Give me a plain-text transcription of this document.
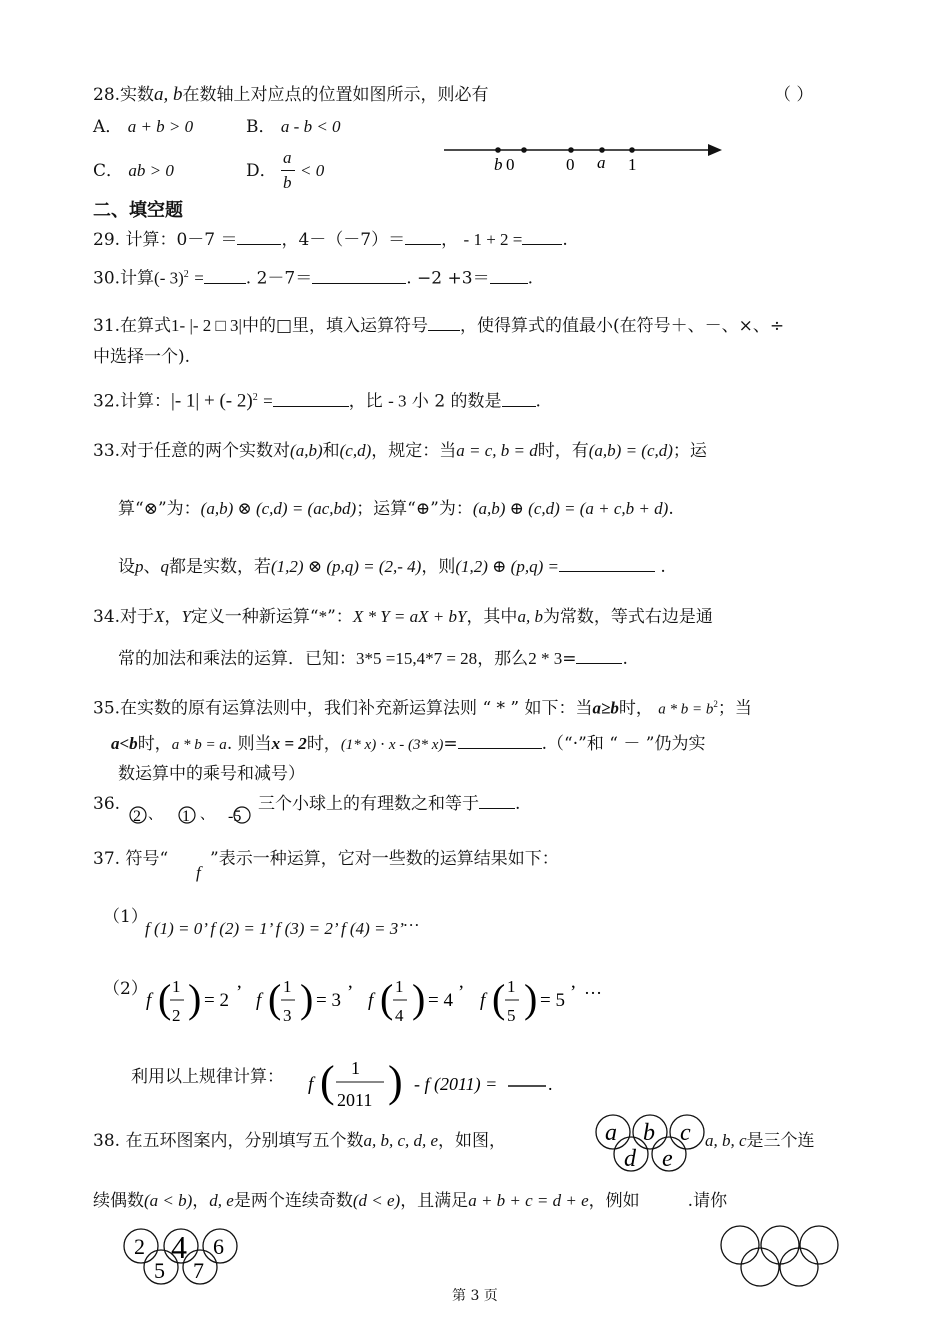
28.实数a, b在数轴上对应点的位置如图所示，则必有	（ ）
A． a + b > 0	B． a - b < 0
C． ab > 0	D．
a
b
< 0	b 0	0 a 1
二、填空题
29. 计算：0－7 ＝	，4－（－7）＝ ， - 1 + 2 = .
30.计算(- 3)$^2$ = . 2－7＝	. −2 +3＝ .
31.在算式1- |- 2 □ 3|中的□里，填入运算符号 ，使得算式的值最小(在符号＋、－、×、÷
中选择一个).
32.计算：|- 1| + (- 2)$^2$ =	，比 - 3 小 2 的数是 .
33.对于任意的两个实数对(a,b)和(c,d)，规定：当a = c, b = d时，有(a,b) = (c,d)；运
算“⊗”为：(a,b) ⊗ (c,d) = (ac,bd)；运算“⊕”为：(a,b) ⊕ (c,d) = (a + c,b + d).
设p、q都是实数，若(1,2) ⊗ (p,q) = (2,- 4)，则(1,2) ⊕ (p,q) =	.
34.对于X，Y定义一种新运算“*”：X * Y = aX + bY，其中a, b为常数，等式右边是通
常的加法和乘法的运算．已知：3*5 =15,4*7 = 28，那么2 * 3=	.
35.在实数的原有运算法则中，我们补充新运算法则 “ * ” 如下：当a≥b时， $a * b = b^2$；当
a<b时，a * b = a. 则当x = 2时，(1* x) ⋅ x - (3* x)=	.（“·”和 “ － ”仍为实
数运算中的乘号和减号）
36.
2 、 1 、 -5
三个小球上的有理数之和等于 .
37. 符号“
f
”表示一种运算，它对一些数的运算结果如下：
（1）
f (1) = 0’ f (2) = 1’ f (3) = 2’ f (4) = 3’…
（2）
f ( 1
2 ) = 2 ’ f ( 1
3 ) = 3 ’ f ( 1
4 ) = 4 ’ f ( 1
5 ) = 5 ’ …
利用以上规律计算： f ( 1
2011 ) - f (2011) =	.
38. 在五环图案内，分别填写五个数a, b, c, d, e，如图，	a b c
d e
a, b, c是三个连
续偶数(a < b)，d, e是两个连续奇数(d < e)，且满足a + b + c = d + e，例如	.请你
2 4 6
5 7
第 3 页
